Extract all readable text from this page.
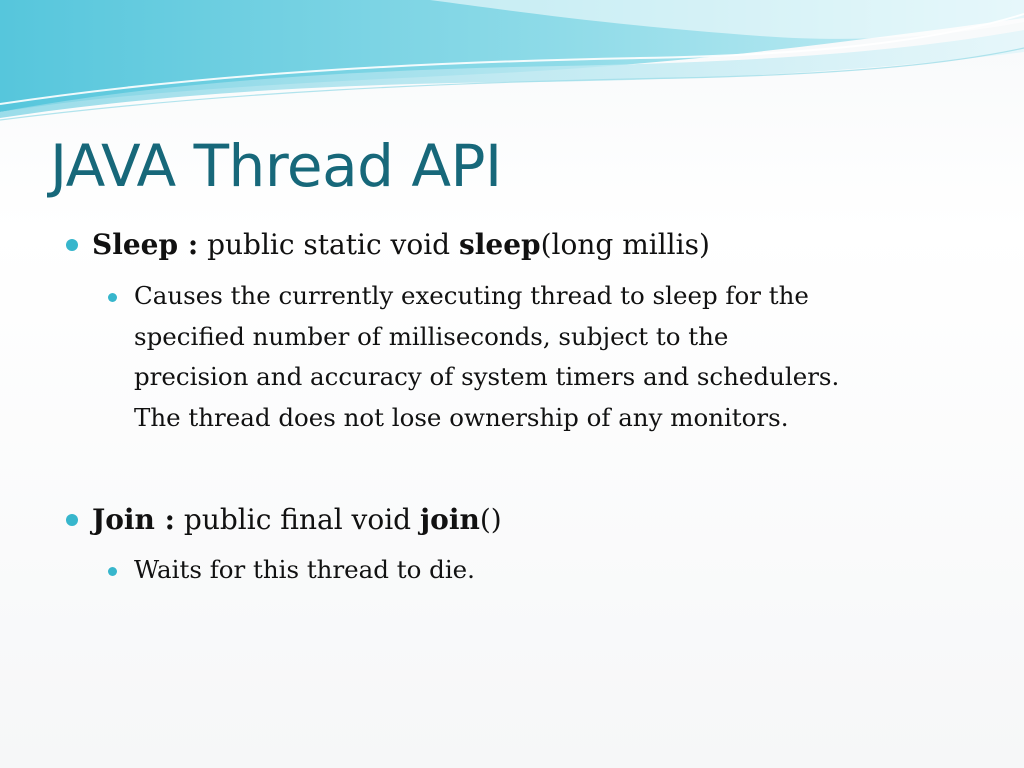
JAVA Thread API
Sleep : public static void sleep(long millis)

Causes the currently executing thread to sleep for the
specified number of milliseconds, subject to the
precision and accuracy of system timers and schedulers.
The thread does not lose ownership of any monitors.

Join : public final void join()

Waits for this thread to die.
